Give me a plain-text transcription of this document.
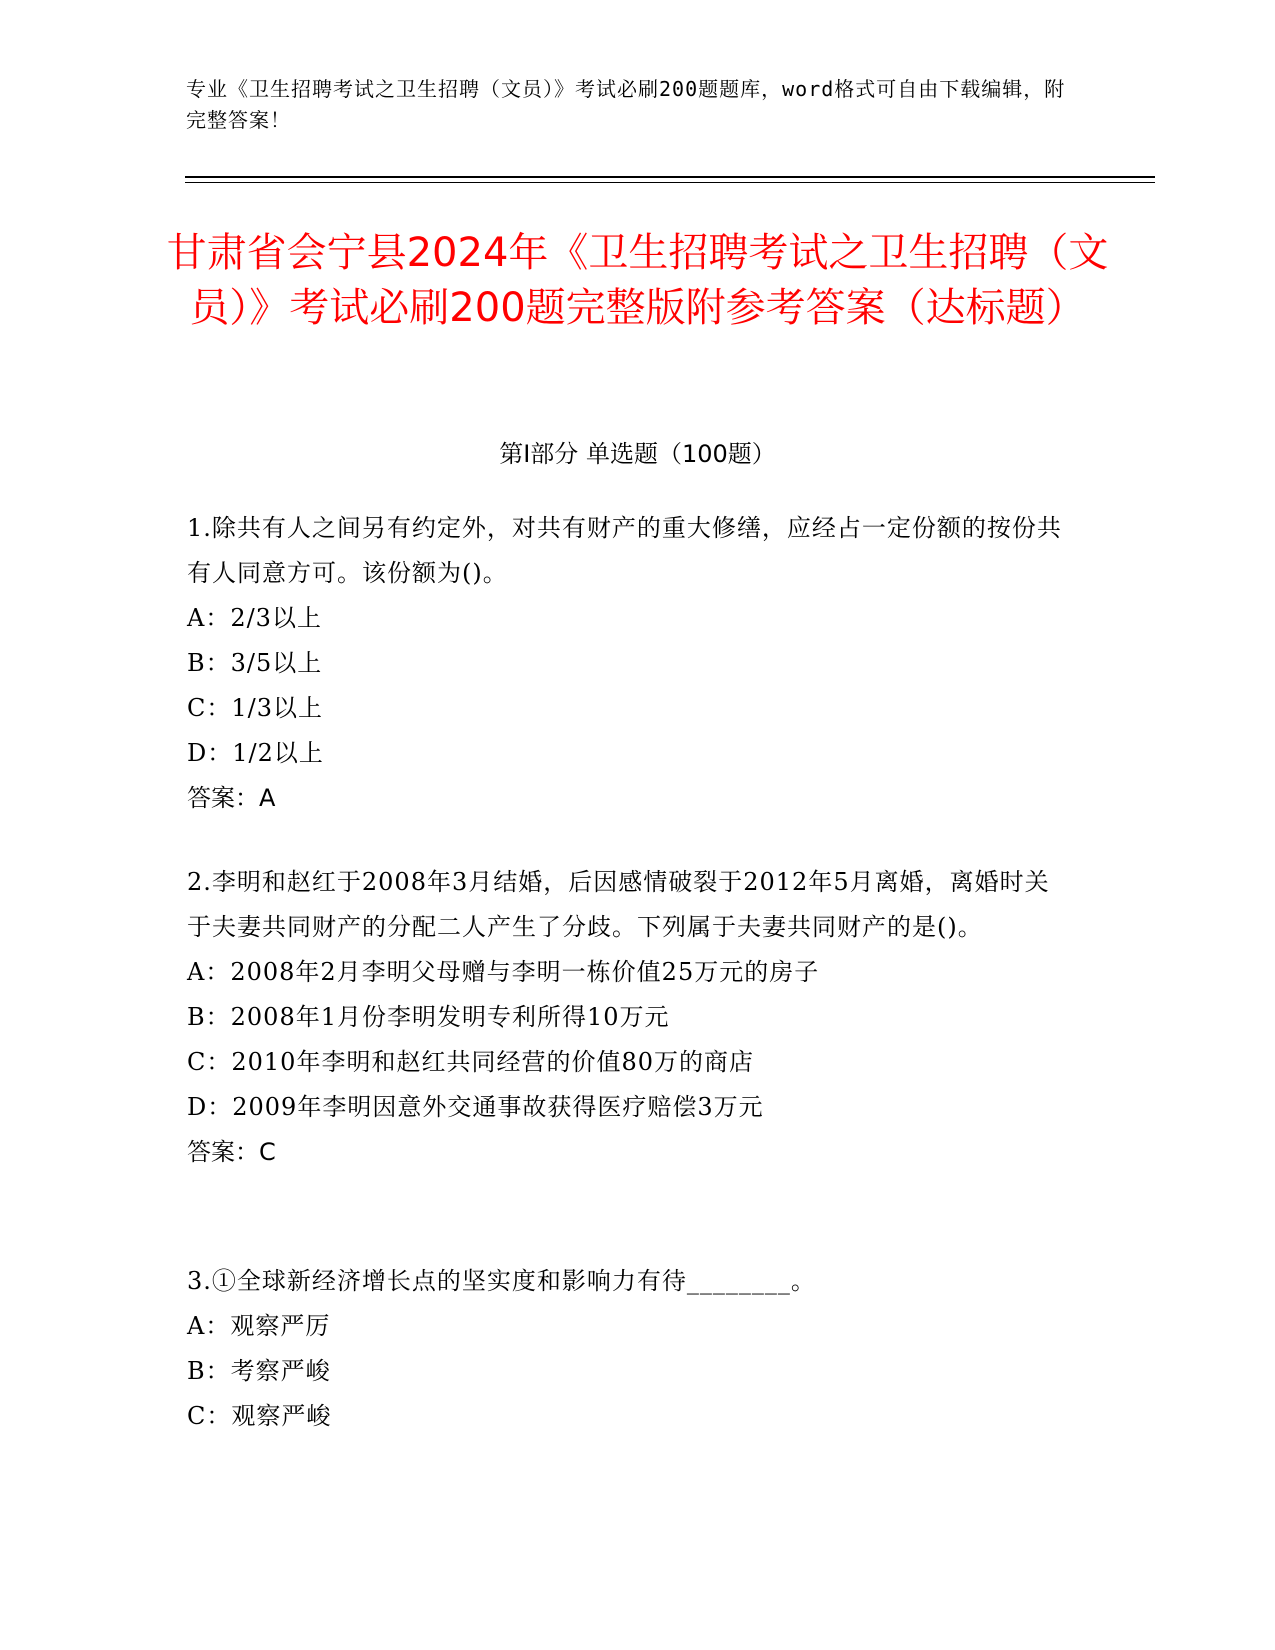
专业《卫生招聘考试之卫生招聘（文员）》考试必刷200题题库，word格式可自由下载编辑，附完整答案！
甘肃省会宁县2024年《卫生招聘考试之卫生招聘（文员）》考试必刷200题完整版附参考答案（达标题）
第Ⅰ部分 单选题（100题）
1.除共有人之间另有约定外，对共有财产的重大修缮，应经占一定份额的按份共有人同意方可。该份额为()。
A：2/3以上
B：3/5以上
C：1/3以上
D：1/2以上
答案：A
2.李明和赵红于2008年3月结婚，后因感情破裂于2012年5月离婚，离婚时关于夫妻共同财产的分配二人产生了分歧。下列属于夫妻共同财产的是()。
A：2008年2月李明父母赠与李明一栋价值25万元的房子
B：2008年1月份李明发明专利所得10万元
C：2010年李明和赵红共同经营的价值80万的商店
D：2009年李明因意外交通事故获得医疗赔偿3万元
答案：C
3.①全球新经济增长点的坚实度和影响力有待________。
A：观察严厉
B：考察严峻
C：观察严峻
